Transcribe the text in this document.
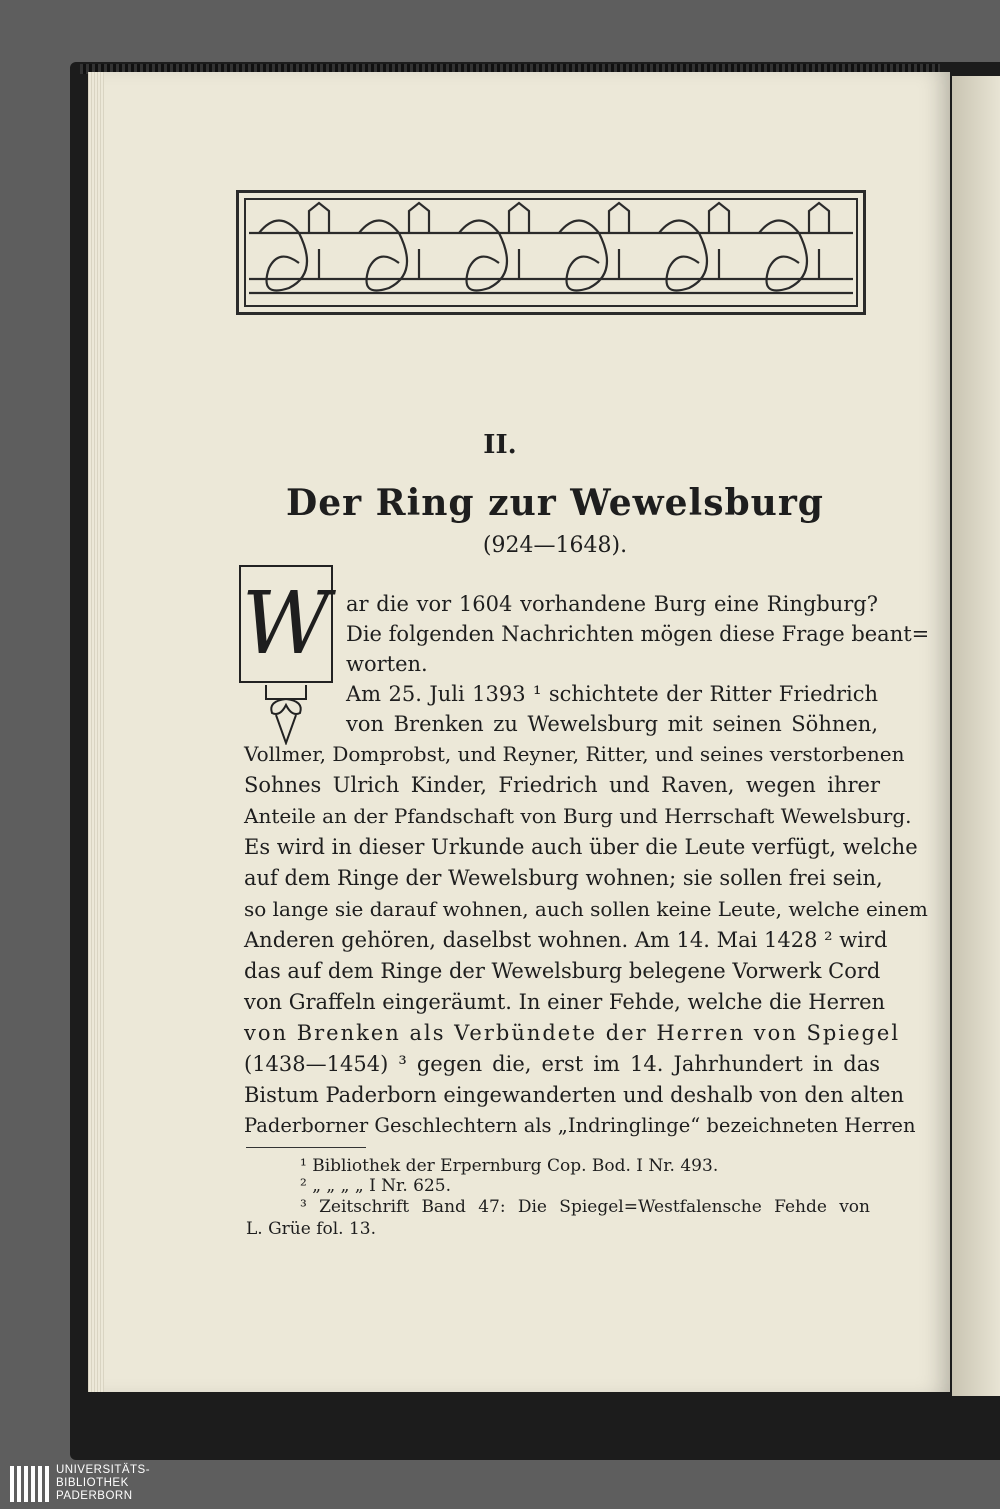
II.
Der Ring zur Wewelsburg
(924—1648).
W ar die vor 1604 vorhandene Burg eine Ringburg?
Die folgenden Nachrichten mögen diese Frage beant=
worten.
Am 25. Juli 1393 ¹ schichtete der Ritter Friedrich
von Brenken zu Wewelsburg mit seinen Söhnen,
Vollmer, Domprobst, und Reyner, Ritter, und seines verstorbenen
Sohnes Ulrich Kinder, Friedrich und Raven, wegen ihrer
Anteile an der Pfandschaft von Burg und Herrschaft Wewelsburg.
Es wird in dieser Urkunde auch über die Leute verfügt, welche
auf dem Ringe der Wewelsburg wohnen; sie sollen frei sein,
so lange sie darauf wohnen, auch sollen keine Leute, welche einem
Anderen gehören, daselbst wohnen. Am 14. Mai 1428 ² wird
das auf dem Ringe der Wewelsburg belegene Vorwerk Cord
von Graffeln eingeräumt. In einer Fehde, welche die Herren
von Brenken als Verbündete der Herren von Spiegel
(1438—1454) ³ gegen die, erst im 14. Jahrhundert in das
Bistum Paderborn eingewanderten und deshalb von den alten
Paderborner Geschlechtern als „Indringlinge“ bezeichneten Herren
¹ Bibliothek der Erpernburg Cop. Bod. I Nr. 493.
² „ „ „ „ I Nr. 625.
³ Zeitschrift Band 47: Die Spiegel=Westfalensche Fehde von
L. Grüe fol. 13.
UNIVERSITÄTS-
BIBLIOTHEK
PADERBORN
